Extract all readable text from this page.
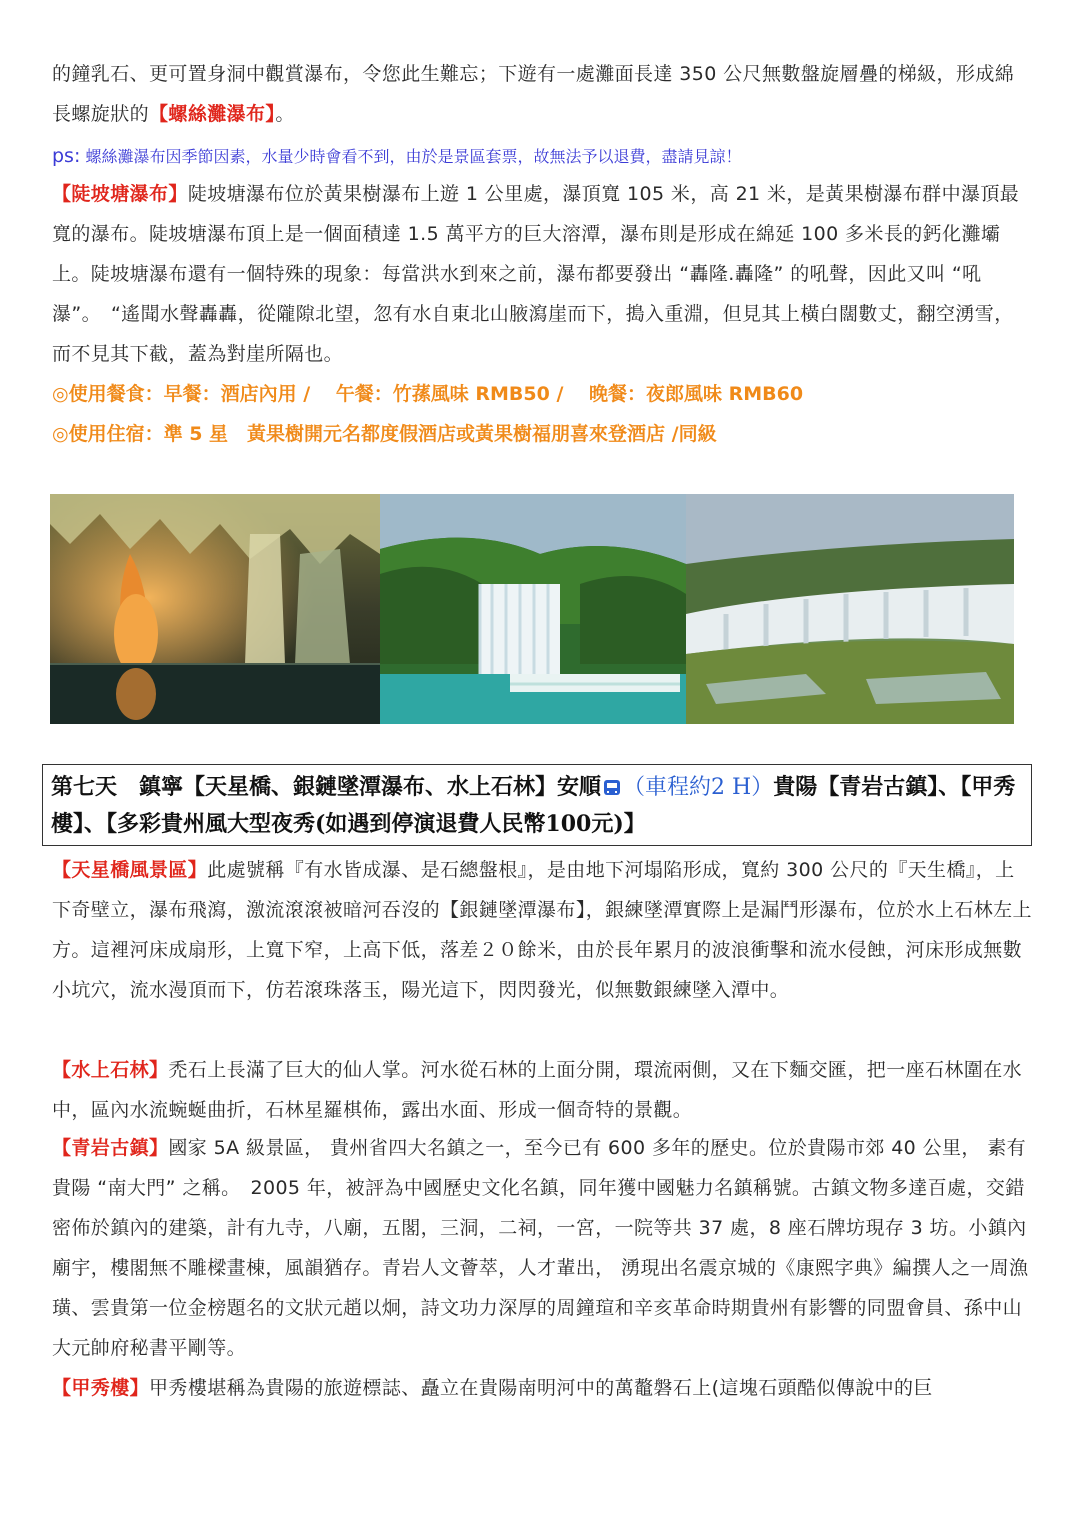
的鐘乳石、更可置身洞中觀賞瀑布，令您此生難忘；下遊有一處灘面長達 350 公尺無數盤旋層疊的梯級，形成綿長螺旋狀的【螺絲灘瀑布】。

ps: 螺絲灘瀑布因季節因素，水量少時會看不到，由於是景區套票，故無法予以退費，盡請見諒！

【陡坡塘瀑布】陡坡塘瀑布位於黃果樹瀑布上遊 1 公里處，瀑頂寬 105 米，高 21 米，是黃果樹瀑布群中瀑頂最寬的瀑布。陡坡塘瀑布頂上是一個面積達 1.5 萬平方的巨大溶潭，瀑布則是形成在綿延 100 多米長的鈣化灘壩上。陡坡塘瀑布還有一個特殊的現象：每當洪水到來之前，瀑布都要發出 “轟隆.轟隆” 的吼聲，因此又叫 “吼瀑”。　“遙聞水聲轟轟，從隴隙北望，忽有水自東北山腋瀉崖而下，搗入重淵，但見其上橫白闊數丈，翻空湧雪，而不見其下截，蓋為對崖所隔也。

◎使用餐食：早餐：酒店內用 /　 午餐：竹蓀風味 RMB50 /　 晚餐：夜郎風味 RMB60

◎使用住宿：準 5 星　黃果樹開元名都度假酒店或黃果樹福朋喜來登酒店 /同級

第七天　鎮寧【天星橋、銀鏈墜潭瀑布、水上石林】安順 （車程約2 H）貴陽【青岩古鎮】、【甲秀樓】、【多彩貴州風大型夜秀(如遇到停演退費人民幣100元)】

【天星橋風景區】此處號稱『有水皆成瀑、是石總盤根』，是由地下河塌陷形成，寬約 300 公尺的『天生橋』，上下奇壁立，瀑布飛瀉，激流滾滾被暗河吞沒的【銀鏈墜潭瀑布】，銀練墜潭實際上是漏鬥形瀑布，位於水上石林左上方。這裡河床成扇形，上寬下窄，上高下低，落差２０餘米，由於長年累月的波浪衝擊和流水侵蝕，河床形成無數小坑穴，流水漫頂而下，仿若滾珠落玉，陽光這下，閃閃發光，似無數銀練墜入潭中。

【水上石林】禿石上長滿了巨大的仙人掌。河水從石林的上面分開，環流兩側，又在下麵交匯，把一座石林圍在水中，區內水流蜿蜒曲折，石林星羅棋佈，露出水面、形成一個奇特的景觀。

【青岩古鎮】國家 5A 級景區， 貴州省四大名鎮之一，至今已有 600 多年的歷史。位於貴陽市郊 40 公里， 素有貴陽 “南大門” 之稱。　2005 年，被評為中國歷史文化名鎮，同年獲中國魅力名鎮稱號。古鎮文物多達百處，交錯密佈於鎮內的建築，計有九寺，八廟，五閣，三洞，二祠，一宮，一院等共 37 處，8 座石牌坊現存 3 坊。小鎮內廟宇，樓閣無不雕樑畫棟，風韻猶存。青岩人文薈萃，人才輩出， 湧現出名震京城的《康熙字典》編撰人之一周漁璜、雲貴第一位金榜題名的文狀元趙以炯，詩文功力深厚的周鐘瑄和辛亥革命時期貴州有影響的同盟會員、孫中山大元帥府秘書平剛等。

【甲秀樓】甲秀樓堪稱為貴陽的旅遊標誌、矗立在貴陽南明河中的萬鼇磐石上(這塊石頭酷似傳說中的巨
